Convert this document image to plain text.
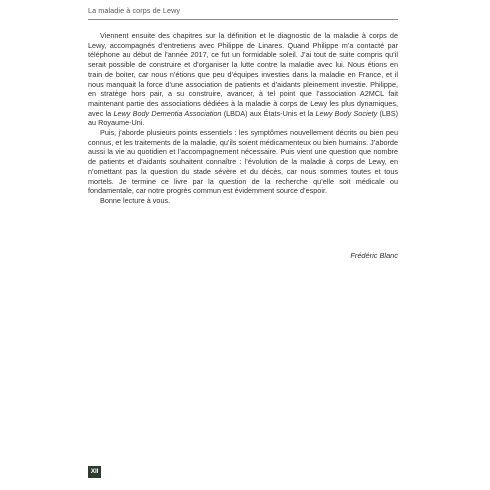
La maladie à corps de Lewy

Viennent ensuite des chapitres sur la définition et le diagnostic de la maladie à corps de Lewy, accompagnés d’entretiens avec Philippe de Linares. Quand Philippe m’a contacté par téléphone au début de l’année 2017, ce fut un formidable soleil. J’ai tout de suite compris qu’il serait possible de construire et d’organiser la lutte contre la maladie avec lui. Nous étions en train de boiter, car nous n’étions que peu d’équipes investies dans la maladie en France, et il nous manquait la force d’une association de patients et d’aidants pleinement investie. Philippe, en stratège hors pair, a su construire, avancer, à tel point que l’association A2MCL fait maintenant partie des associations dédiées à la maladie à corps de Lewy les plus dynamiques, avec la Lewy Body Dementia Association (LBDA) aux États-Unis et la Lewy Body Society (LBS) au Royaume-Uni.

Puis, j’aborde plusieurs points essentiels : les symptômes nouvellement décrits ou bien peu connus, et les traitements de la maladie, qu’ils soient médicamenteux ou bien humains. J’aborde aussi la vie au quotidien et l’accompagnement nécessaire. Puis vient une question que nombre de patients et d’aidants souhaitent connaître : l’évolution de la maladie à corps de Lewy, en n’omettant pas la question du stade sévère et du décès, car nous sommes toutes et tous mortels. Je termine ce livre par la question de la recherche qu’elle soit médicale ou fondamentale, car notre progrès commun est évidemment source d’espoir.

Bonne lecture à vous.

Frédéric Blanc
XII
